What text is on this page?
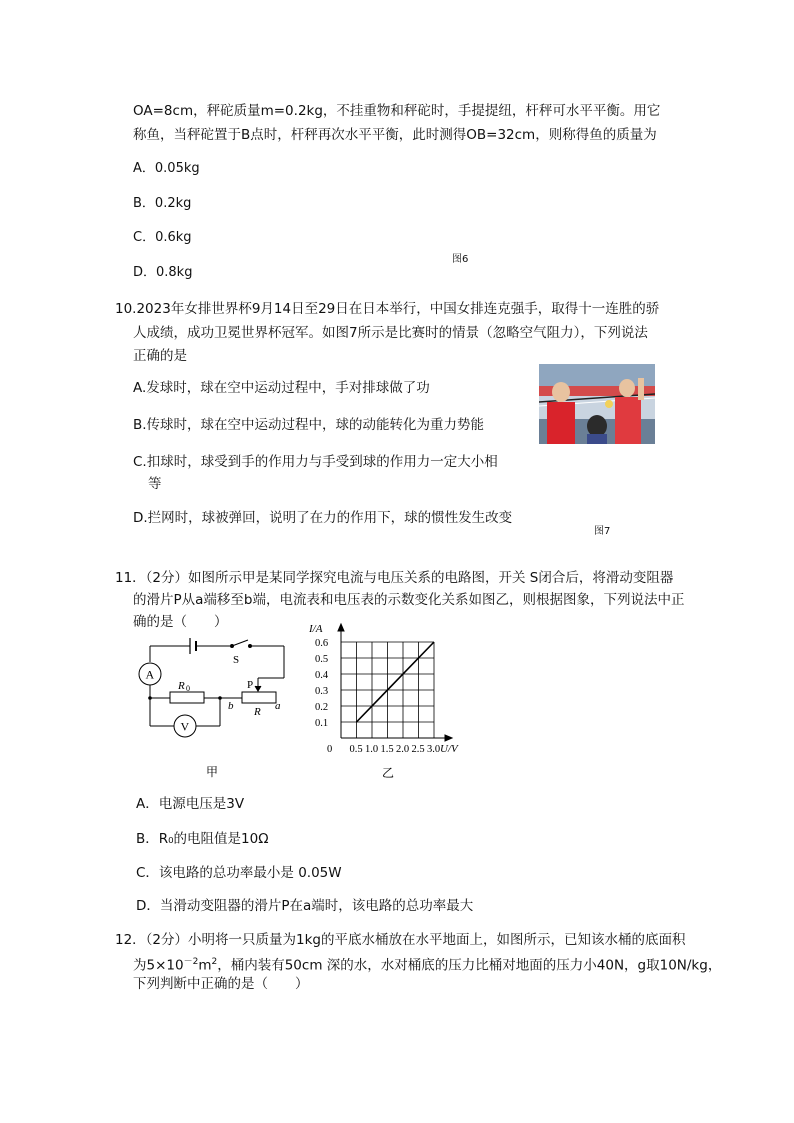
OA=8cm，秤砣质量m=0.2kg，不挂重物和秤砣时，手提提纽，杆秤可水平平衡。用它
称鱼，当秤砣置于B点时，杆秤再次水平平衡，此时测得OB=32cm，则称得鱼的质量为
A．0.05kg
B．0.2kg
C．0.6kg
D．0.8kg
图6
10.2023年女排世界杯9月14日至29日在日本举行，中国女排连克强手，取得十一连胜的骄
人成绩，成功卫冕世界杯冠军。如图7所示是比赛时的情景（忽略空气阻力），下列说法
正确的是
A.发球时，球在空中运动过程中，手对排球做了功
B.传球时，球在空中运动过程中，球的动能转化为重力势能
C.扣球时，球受到手的作用力与手受到球的作用力一定大小相
等
D.拦网时，球被弹回，说明了在力的作用下，球的惯性发生改变
图7
11．（2分）如图所示甲是某同学探究电流与电压关系的电路图，开关 S闭合后，将滑动变阻器
的滑片P从a端移至b端，电流表和电压表的示数变化关系如图乙，则根据图象，下列说法中正
确的是（　　）
A
V
S
R 0	P
R a
b
甲
0.5 1.0 1.5 2.0 2.5 3.0
0.1
0.2
0.3
0.4
0.5
0.6
0	U/V
I/A
乙
A．电源电压是3V
B．R₀的电阻值是10Ω
C．该电路的总功率最小是 0.05W
D．当滑动变阻器的滑片P在a端时，该电路的总功率最大
12．（2分）小明将一只质量为1kg的平底水桶放在水平地面上，如图所示，已知该水桶的底面积
为$5\times 10^{-2}m^2$，桶内装有50cm 深的水，水对桶底的压力比桶对地面的压力小40N，g取10N/kg，
下列判断中正确的是（　　）
